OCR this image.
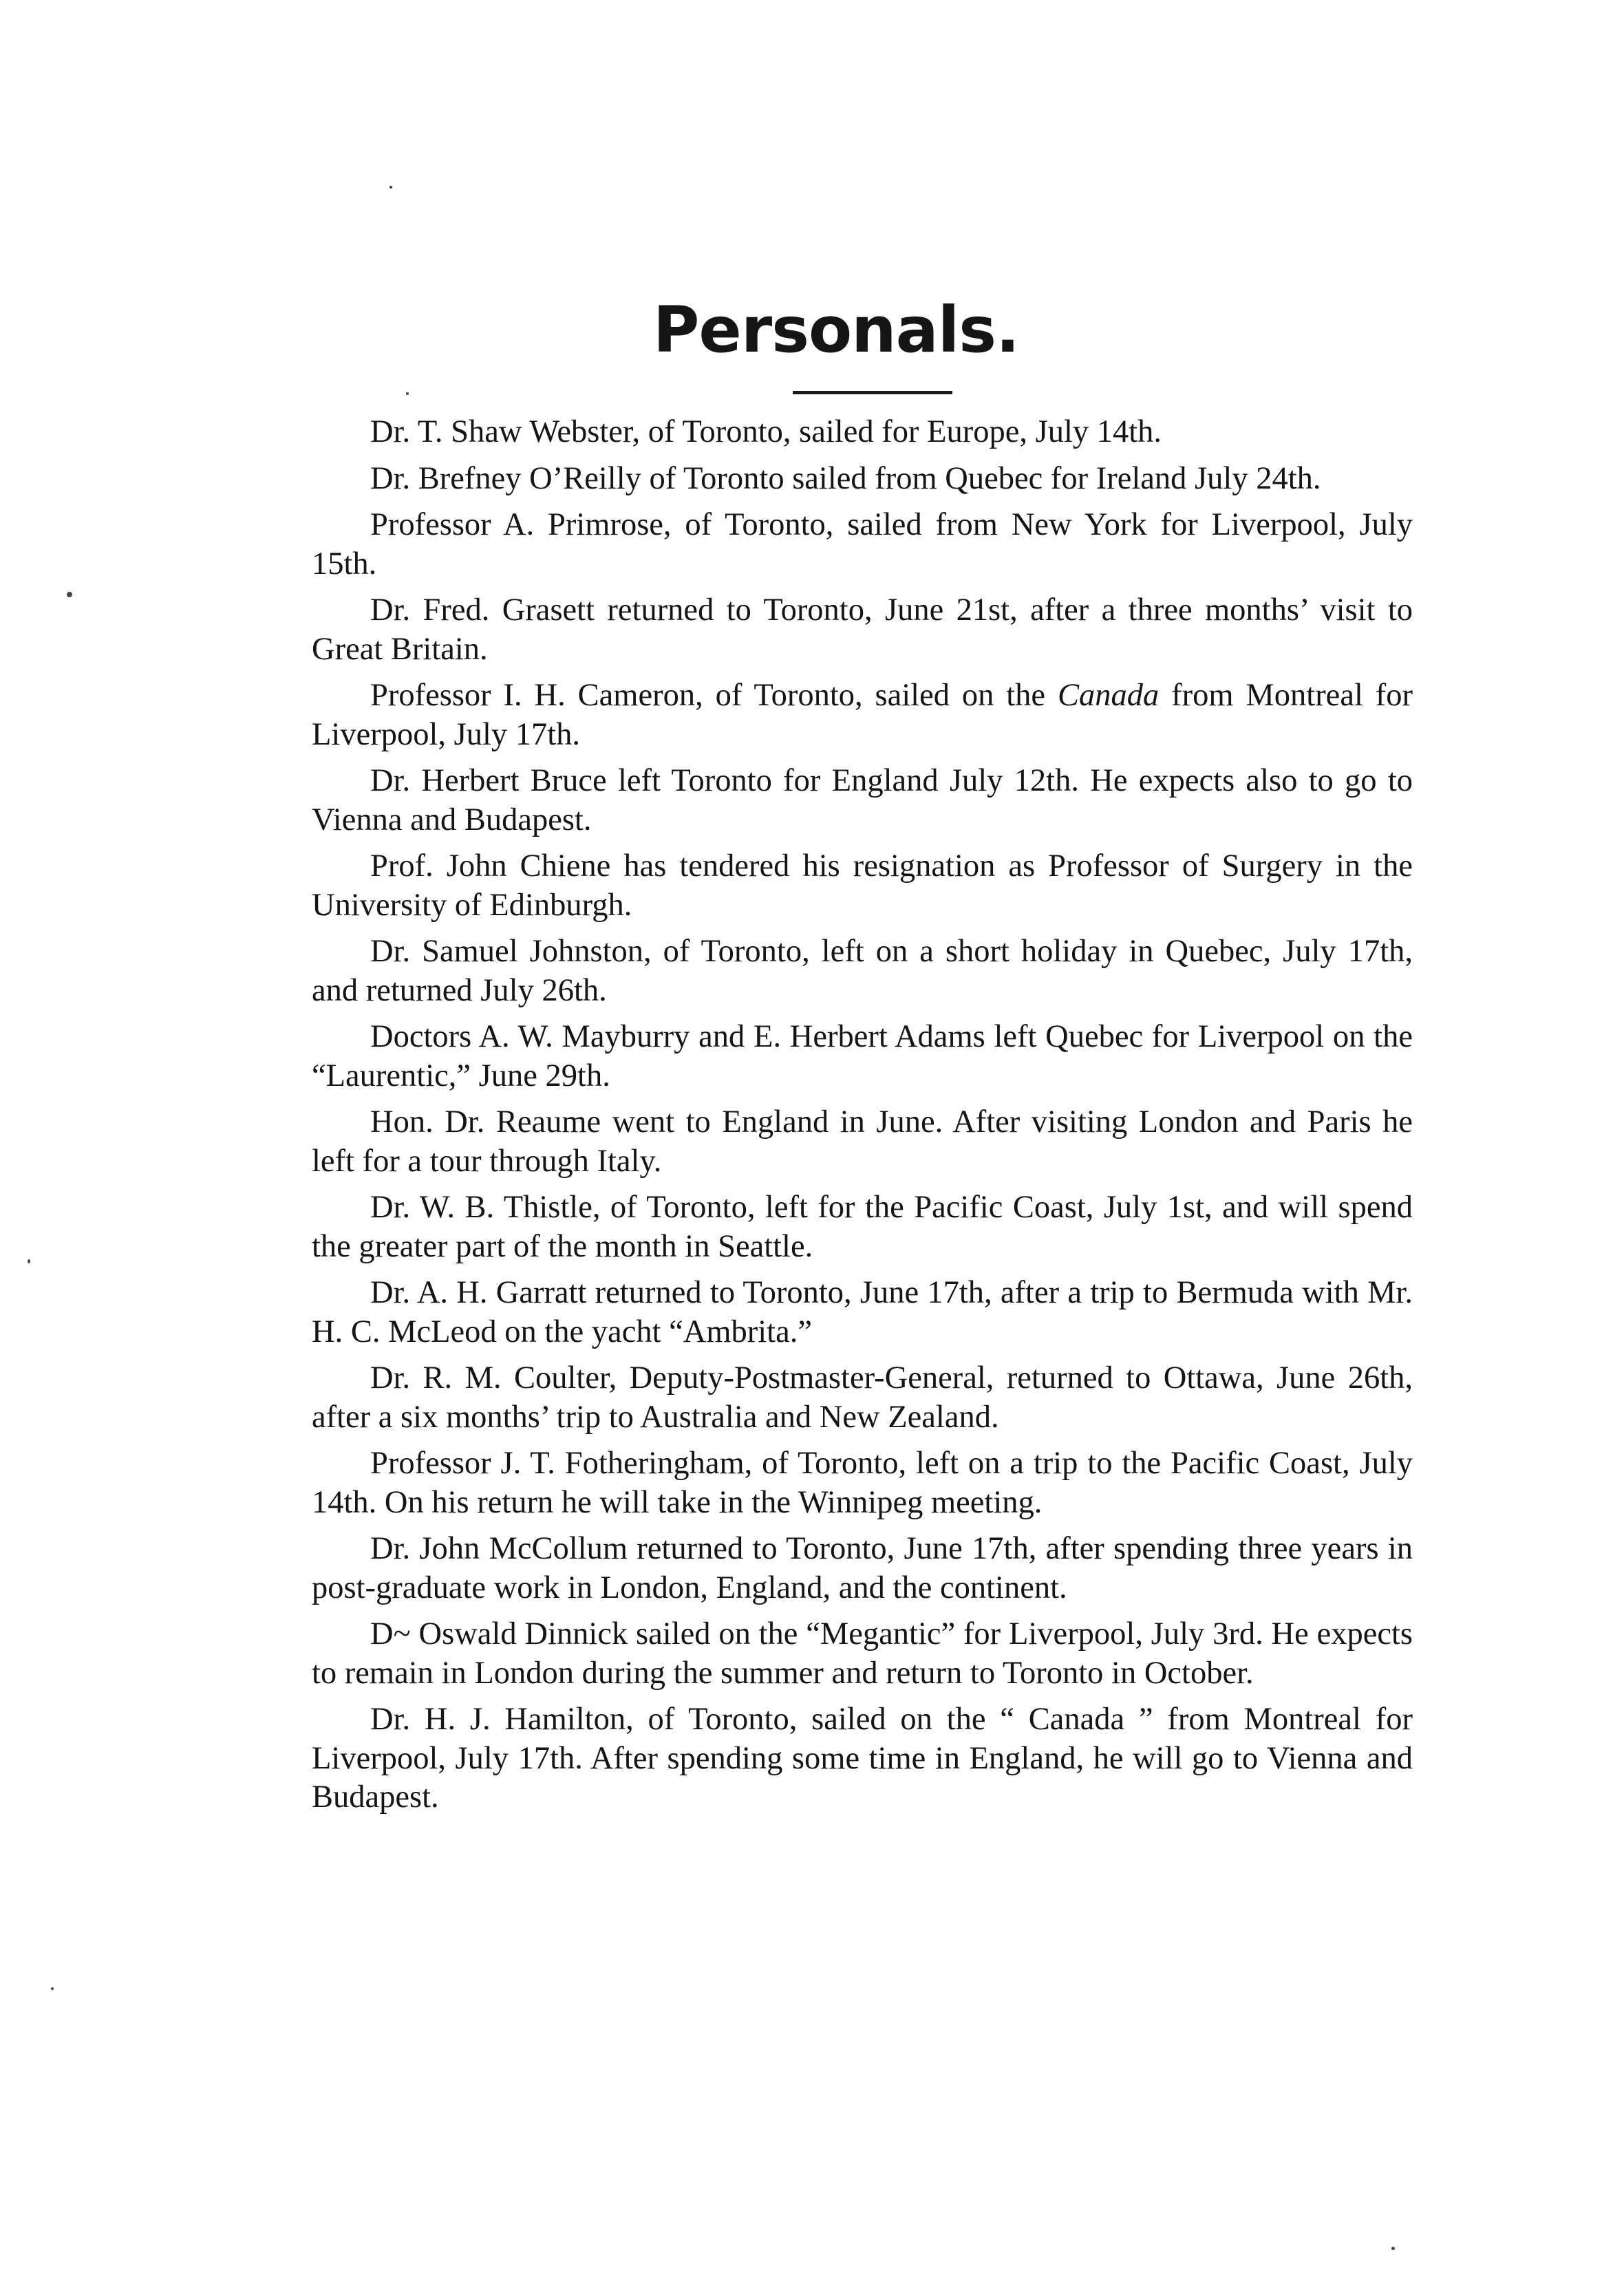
Personals.

Dr. T. Shaw Webster, of Toronto, sailed for Europe, July 14th.

Dr. Brefney O’Reilly of Toronto sailed from Quebec for Ireland July 24th.

Professor A. Primrose, of Toronto, sailed from New York for Liverpool, July 15th.

Dr. Fred. Grasett returned to Toronto, June 21st, after a three months’ visit to Great Britain.

Professor I. H. Cameron, of Toronto, sailed on the Canada from Montreal for Liverpool, July 17th.

Dr. Herbert Bruce left Toronto for England July 12th. He expects also to go to Vienna and Budapest.

Prof. John Chiene has tendered his resignation as Professor of Surgery in the University of Edinburgh.

Dr. Samuel Johnston, of Toronto, left on a short holiday in Quebec, July 17th, and returned July 26th.

Doctors A. W. Mayburry and E. Herbert Adams left Quebec for Liverpool on the “Laurentic,” June 29th.

Hon. Dr. Reaume went to England in June. After visiting London and Paris he left for a tour through Italy.

Dr. W. B. Thistle, of Toronto, left for the Pacific Coast, July 1st, and will spend the greater part of the month in Seattle.

Dr. A. H. Garratt returned to Toronto, June 17th, after a trip to Bermuda with Mr. H. C. McLeod on the yacht “Ambrita.”

Dr. R. M. Coulter, Deputy-Postmaster-General, returned to Ottawa, June 26th, after a six months’ trip to Australia and New Zealand.

Professor J. T. Fotheringham, of Toronto, left on a trip to the Pacific Coast, July 14th. On his return he will take in the Winnipeg meeting.

Dr. John McCollum returned to Toronto, June 17th, after spending three years in post-graduate work in London, England, and the continent.

D~ Oswald Dinnick sailed on the “Megantic” for Liverpool, July 3rd. He expects to remain in London during the summer and return to Toronto in October.

Dr. H. J. Hamilton, of Toronto, sailed on the “ Canada ” from Montreal for Liverpool, July 17th. After spending some time in England, he will go to Vienna and Budapest.
